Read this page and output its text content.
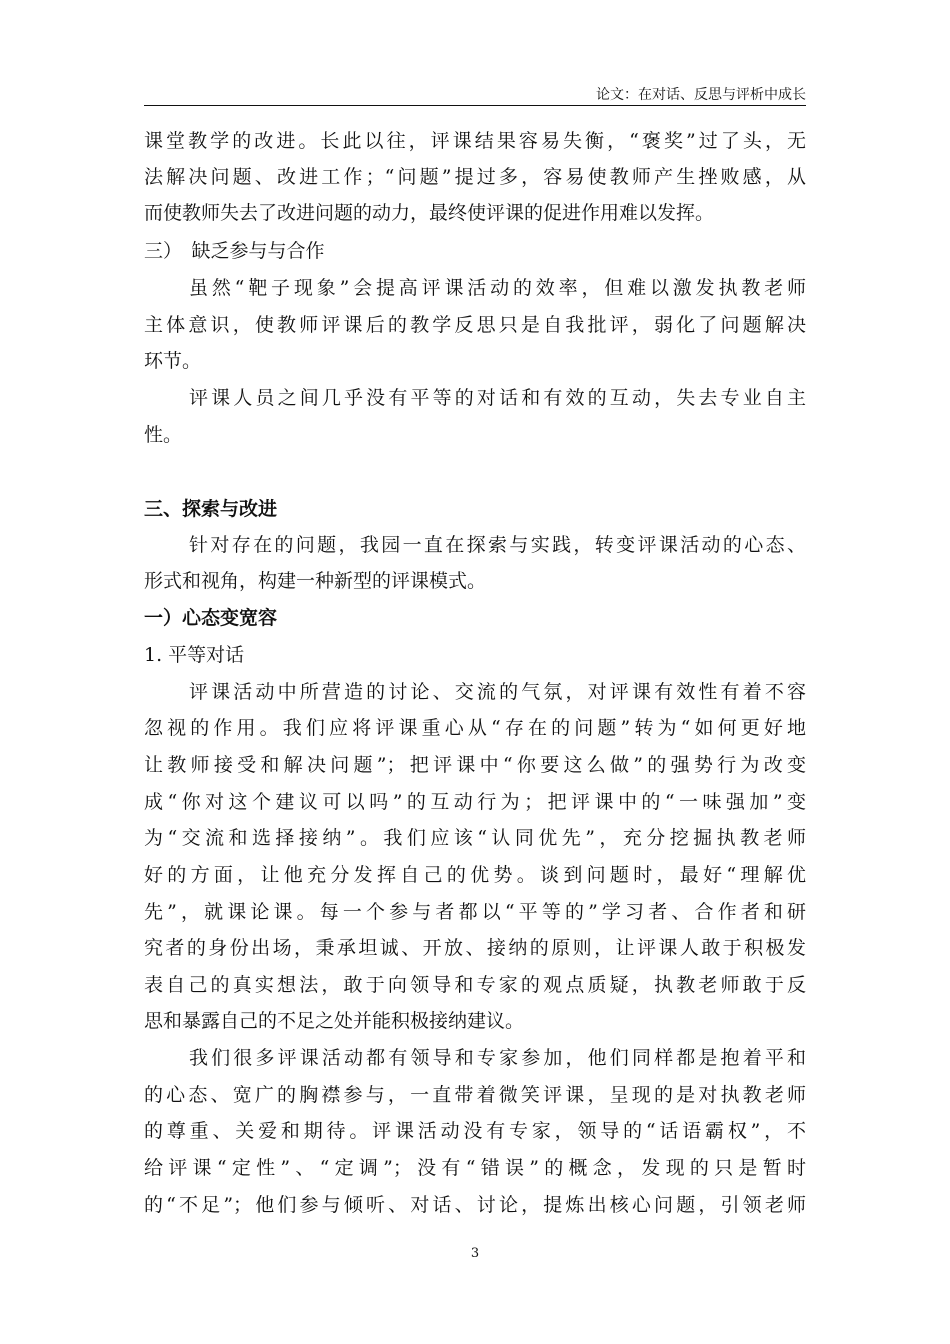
论文：在对话、反思与评析中成长
课堂教学的改进。长此以往，评课结果容易失衡，“褒奖”过了头，无
法解决问题、改进工作；“问题”提过多，容易使教师产生挫败感，从
而使教师失去了改进问题的动力，最终使评课的促进作用难以发挥。
三）　缺乏参与与合作
虽然“靶子现象”会提高评课活动的效率，但难以激发执教老师
主体意识，使教师评课后的教学反思只是自我批评，弱化了问题解决
环节。
评课人员之间几乎没有平等的对话和有效的互动，失去专业自主
性。
三、探索与改进
针对存在的问题，我园一直在探索与实践，转变评课活动的心态、
形式和视角，构建一种新型的评课模式。
一）心态变宽容
1. 平等对话
评课活动中所营造的讨论、交流的气氛，对评课有效性有着不容
忽视的作用。我们应将评课重心从“存在的问题”转为“如何更好地
让教师接受和解决问题”；把评课中“你要这么做”的强势行为改变
成“你对这个建议可以吗”的互动行为；把评课中的“一味强加”变
为“交流和选择接纳”。我们应该“认同优先”，充分挖掘执教老师
好的方面，让他充分发挥自己的优势。谈到问题时，最好“理解优
先”，就课论课。每一个参与者都以“平等的”学习者、合作者和研
究者的身份出场，秉承坦诚、开放、接纳的原则，让评课人敢于积极发
表自己的真实想法，敢于向领导和专家的观点质疑，执教老师敢于反
思和暴露自己的不足之处并能积极接纳建议。
我们很多评课活动都有领导和专家参加，他们同样都是抱着平和
的心态、宽广的胸襟参与，一直带着微笑评课，呈现的是对执教老师
的尊重、关爱和期待。评课活动没有专家，领导的“话语霸权”，不
给评课“定性”、“定调”；没有“错误”的概念，发现的只是暂时
的“不足”；他们参与倾听、对话、讨论，提炼出核心问题，引领老师
3
